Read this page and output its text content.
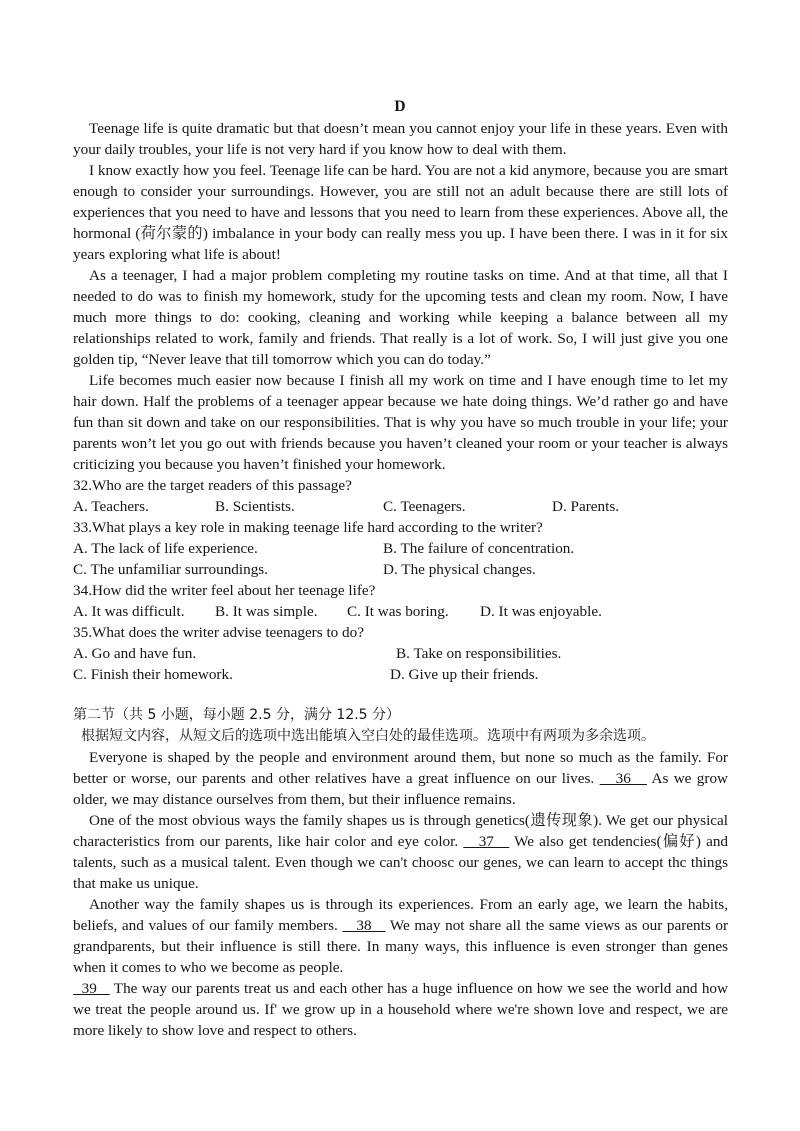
D

Teenage life is quite dramatic but that doesn’t mean you cannot enjoy your life in these years. Even with your daily troubles, your life is not very hard if you know how to deal with them.

I know exactly how you feel. Teenage life can be hard. You are not a kid anymore, because you are smart enough to consider your surroundings. However, you are still not an adult because there are still lots of experiences that you need to have and lessons that you need to learn from these experiences. Above all, the hormonal (荷尔蒙的) imbalance in your body can really mess you up. I have been there. I was in it for six years exploring what life is about!

As a teenager, I had a major problem completing my routine tasks on time. And at that time, all that I needed to do was to finish my homework, study for the upcoming tests and clean my room. Now, I have much more things to do: cooking, cleaning and working while keeping a balance between all my relationships related to work, family and friends. That really is a lot of work. So, I will just give you one golden tip, “Never leave that till tomorrow which you can do today.”

Life becomes much easier now because I finish all my work on time and I have enough time to let my hair down. Half the problems of a teenager appear because we hate doing things. We’d rather go and have fun than sit down and take on our responsibilities. That is why you have so much trouble in your life; your parents won’t let you go out with friends because you haven’t cleaned your room or your teacher is always criticizing you because you haven’t finished your homework.

32.Who are the target readers of this passage?

A. Teachers.	B. Scientists.	C. Teenagers.	D. Parents.

33.What plays a key role in making teenage life hard according to the writer?

A. The lack of life experience.	B. The failure of concentration.
C. The unfamiliar surroundings.	D. The physical changes.

34.How did the writer feel about her teenage life?

A. It was difficult. B. It was simple. C. It was boring. D. It was enjoyable.

35.What does the writer advise teenagers to do?

A. Go and have fun.	B. Take on responsibilities.
C. Finish their homework.	D. Give up their friends.

第二节（共 5 小题，每小题 2.5 分，满分 12.5 分）

根据短文内容，从短文后的选项中选出能填入空白处的最佳选项。选项中有两项为多余选项。

Everyone is shaped by the people and environment around them, but none so much as the family. For better or worse, our parents and other relatives have a great influence on our lives.    36    As we grow older, we may distance ourselves from them, but their influence remains.

One of the most obvious ways the family shapes us is through genetics(遗传现象). We get our physical characteristics from our parents, like hair color and eye color.    37    We also get tendencies(偏好) and talents, such as a musical talent. Even though we can't choosc our genes, we can learn to accept thc things that make us unique.

Another way the family shapes us is through its experiences. From an early age, we learn the habits, beliefs, and values of our family members.    38    We may not share all the same views as our parents or grandparents, but their influence is still there. In many ways, this influence is even stronger than genes when it comes to who we become as people.

39    The way our parents treat us and each other has a huge influence on how we see the world and how we treat the people around us. If' we grow up in a household where we're shown love and respect, we are more likely to show love and respect to others.
